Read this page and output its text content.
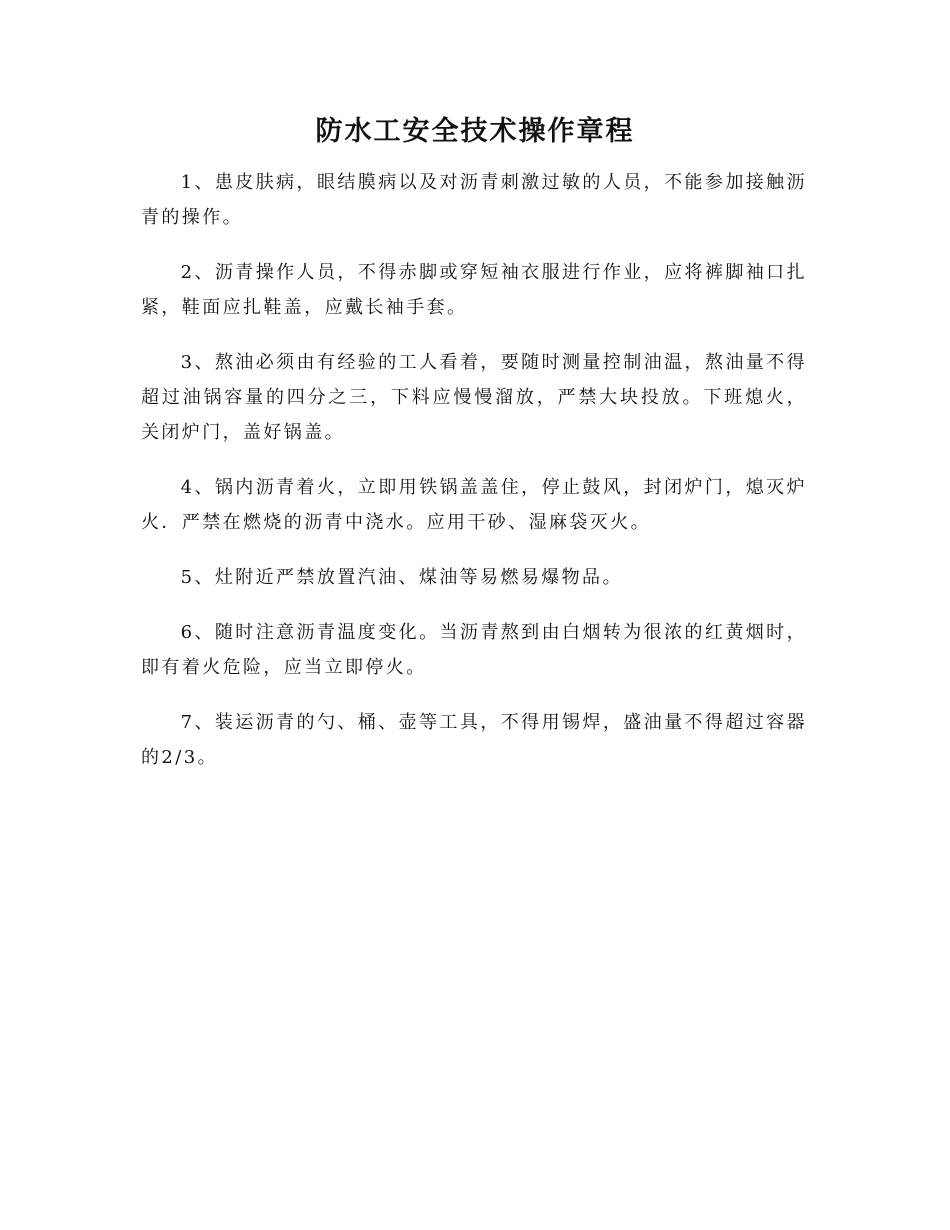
防水工安全技术操作章程

1、患皮肤病，眼结膜病以及对沥青刺激过敏的人员，不能参加接触沥青的操作。

2、沥青操作人员，不得赤脚或穿短袖衣服进行作业，应将裤脚袖口扎紧，鞋面应扎鞋盖，应戴长袖手套。

3、熬油必须由有经验的工人看着，要随时测量控制油温，熬油量不得超过油锅容量的四分之三，下料应慢慢溜放，严禁大块投放。下班熄火，关闭炉门，盖好锅盖。

4、锅内沥青着火，立即用铁锅盖盖住，停止鼓风，封闭炉门，熄灭炉火．严禁在燃烧的沥青中浇水。应用干砂、湿麻袋灭火。

5、灶附近严禁放置汽油、煤油等易燃易爆物品。

6、随时注意沥青温度变化。当沥青熬到由白烟转为很浓的红黄烟时，即有着火危险，应当立即停火。

7、装运沥青的勺、桶、壶等工具，不得用锡焊，盛油量不得超过容器的2/3。
